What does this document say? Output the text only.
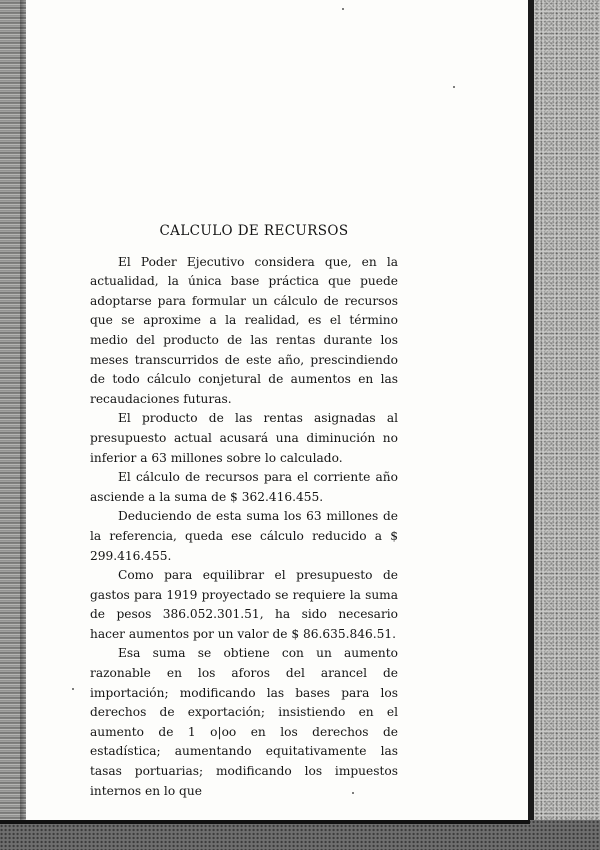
CALCULO DE RECURSOS

El Poder Ejecutivo considera que, en la actualidad, la única base práctica que puede adoptarse para formular un cálculo de recursos que se aproxime a la realidad, es el término medio del producto de las rentas durante los meses transcurridos de este año, prescindiendo de todo cálculo conjetural de aumentos en las recaudaciones futuras.

El producto de las rentas asignadas al presupuesto actual acusará una diminución no inferior a 63 millones sobre lo calculado.

El cálculo de recursos para el corriente año asciende a la suma de $ 362.416.455.

Deduciendo de esta suma los 63 millones de la referencia, queda ese cálculo reducido a $ 299.416.455.

Como para equilibrar el presupuesto de gastos para 1919 proyectado se requiere la suma de pesos 386.052.301.51, ha sido necesario hacer aumentos por un valor de $ 86.635.846.51.

Esa suma se obtiene con un aumento razonable en los aforos del arancel de importación; modificando las bases para los derechos de exportación; insistiendo en el aumento de 1 o|oo en los derechos de estadística; aumentando equitativamente las tasas portuarias; modificando los impuestos internos en lo que
